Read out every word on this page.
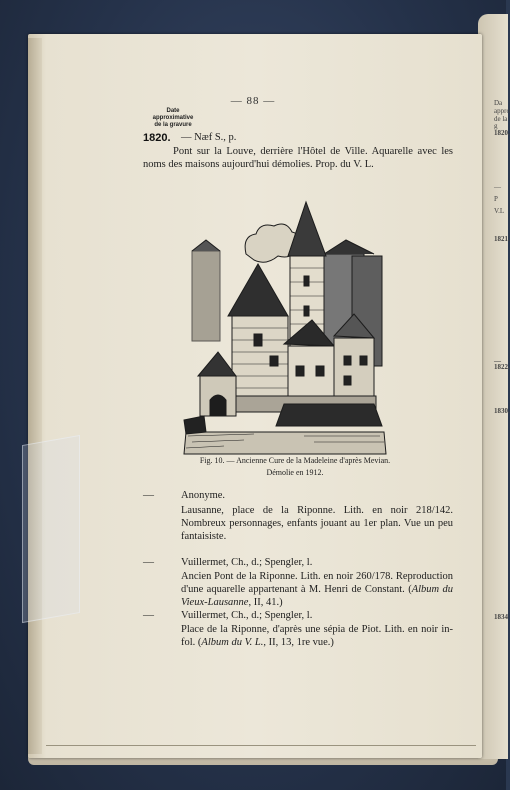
Da
appro
de la g
1820.
—
P
V.L
1821.
—
1822.
1830.
1834
— 88 —
Date
approximative
de la gravure
1820. — Næf S., p.
Pont sur la Louve, derrière l'Hôtel de Ville. Aquarelle avec les noms des maisons aujourd'hui démolies. Prop. du V. L.
Fig. 10. — Ancienne Cure de la Madeleine d'après Mevian.
Démolie en 1912.
—	Anonyme.
Lausanne, place de la Riponne. Lith. en noir 218/142. Nombreux personnages, enfants jouant au 1er plan. Vue un peu fantaisiste.
—	Vuillermet, Ch., d.; Spengler, l.
Ancien Pont de la Riponne. Lith. en noir 260/178. Reproduction d'une aquarelle appartenant à M. Henri de Constant. (Album du Vieux-Lausanne, II, 41.)
—	Vuillermet, Ch., d.; Spengler, l.
Place de la Riponne, d'après une sépia de Piot. Lith. en noir in-fol. (Album du V. L., II, 13, 1re vue.)
